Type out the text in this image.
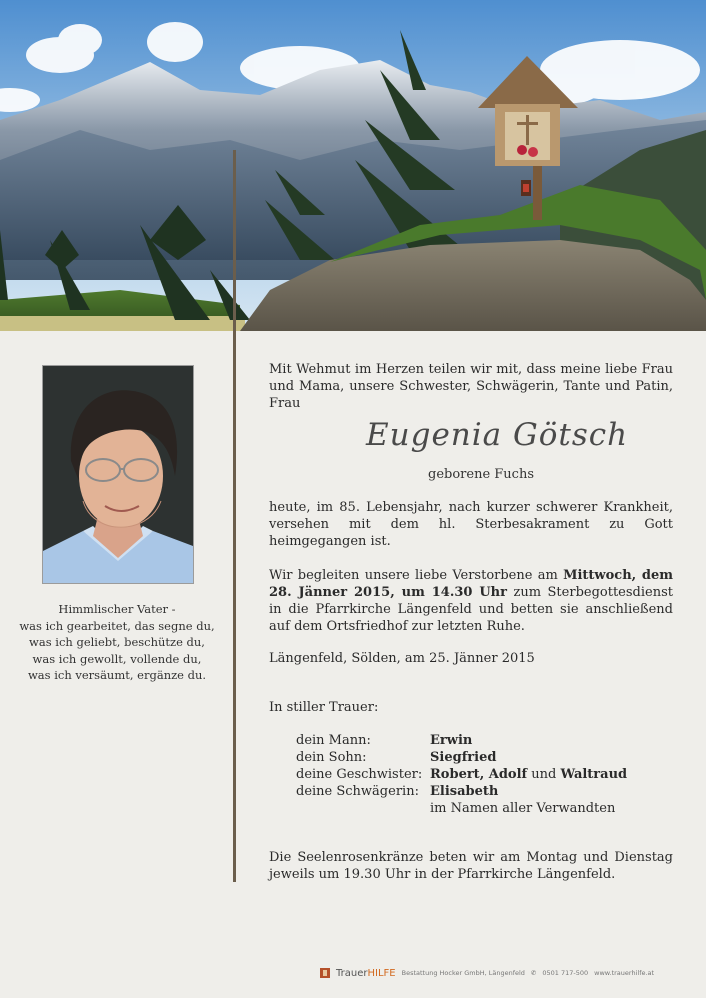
Himmlischer Vater -
was ich gearbeitet, das segne du,
was ich geliebt, beschütze du,
was ich gewollt, vollende du,
was ich versäumt, ergänze du.
Mit Wehmut im Herzen teilen wir mit, dass meine liebe Frau und Mama, unsere Schwester, Schwägerin, Tante und Patin, Frau
Eugenia Götsch
geborene Fuchs
heute, im 85. Lebensjahr, nach kurzer schwerer Krankheit, versehen mit dem hl. Sterbesakrament zu Gott heimgegangen ist.
Wir begleiten unsere liebe Verstorbene am Mittwoch, dem 28. Jänner 2015, um 14.30 Uhr zum Sterbegottesdienst in die Pfarrkirche Längenfeld und betten sie anschließend auf dem Ortsfriedhof zur letzten Ruhe.
Längenfeld, Sölden, am 25. Jänner 2015
In stiller Trauer:
dein Mann:	Erwin
dein Sohn:	Siegfried
deine Geschwister: Robert, Adolf und Waltraud
deine Schwägerin: Elisabeth
im Namen aller Verwandten
Die Seelenrosenkränze beten wir am Montag und Dienstag jeweils um 19.30 Uhr in der Pfarrkirche Längenfeld.
TrauerHILFE Bestattung Hocker GmbH, Längenfeld ✆ 0501 717-500 www.trauerhilfe.at
